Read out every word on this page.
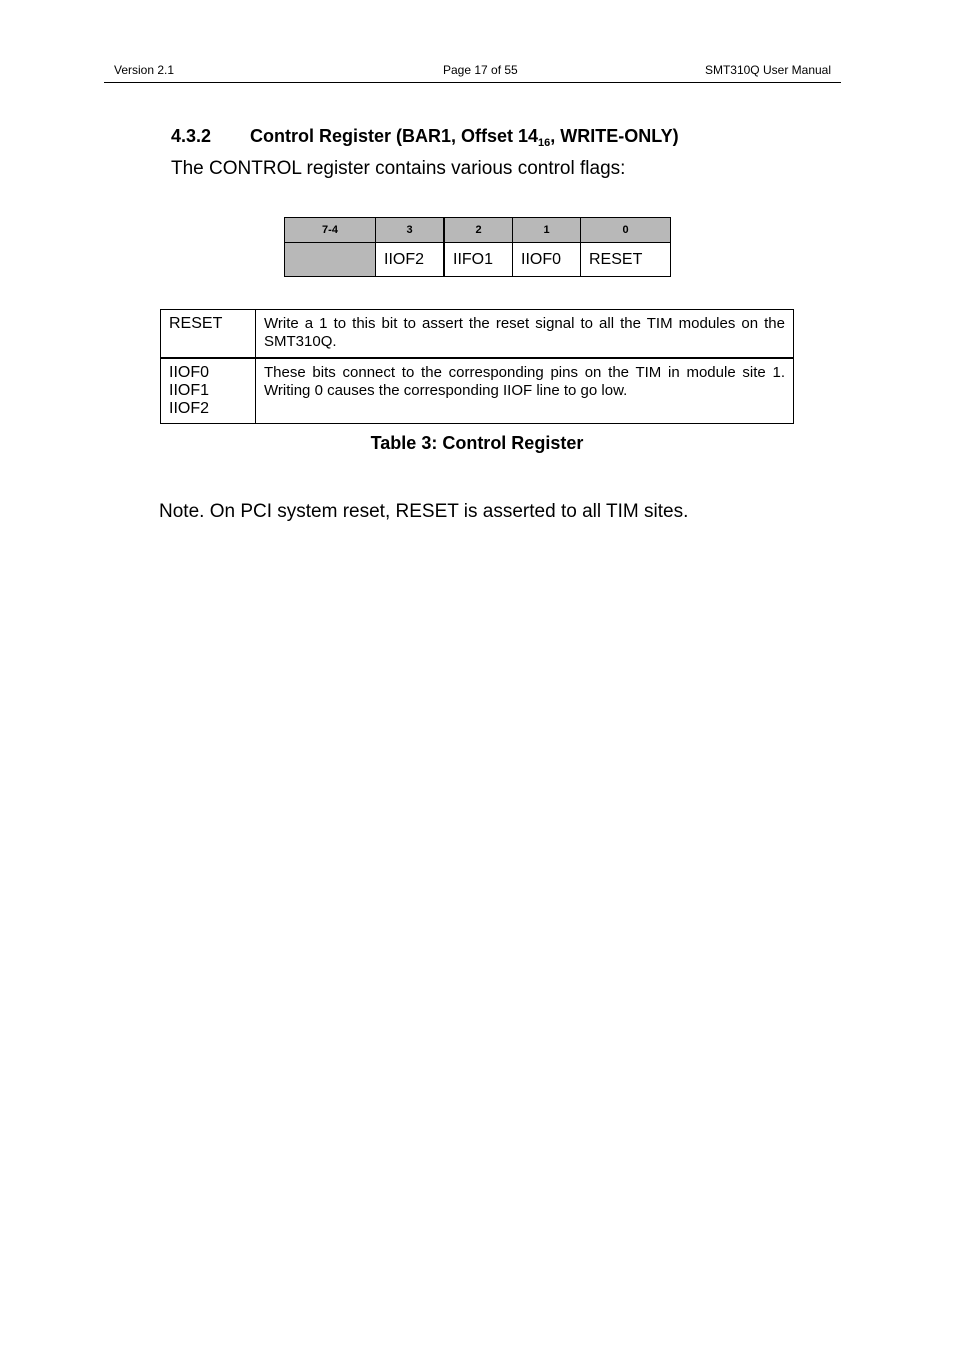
Version 2.1	Page 17 of 55	SMT310Q User Manual
4.3.2 Control Register (BAR1, Offset $14_{16}$, WRITE-ONLY)
The CONTROL register contains various control flags:
7-4	3	2	1	0
	IIOF2	IIFO1	IIOF0	RESET
RESET	Write a 1 to this bit to assert the reset signal to all the TIM modules on the SMT310Q.

IIOF0
IIOF1
IIOF2	These bits connect to the corresponding pins on the TIM in module site 1. Writing 0 causes the corresponding IIOF line to go low.
Table 3: Control Register
Note. On PCI system reset, RESET is asserted to all TIM sites.
